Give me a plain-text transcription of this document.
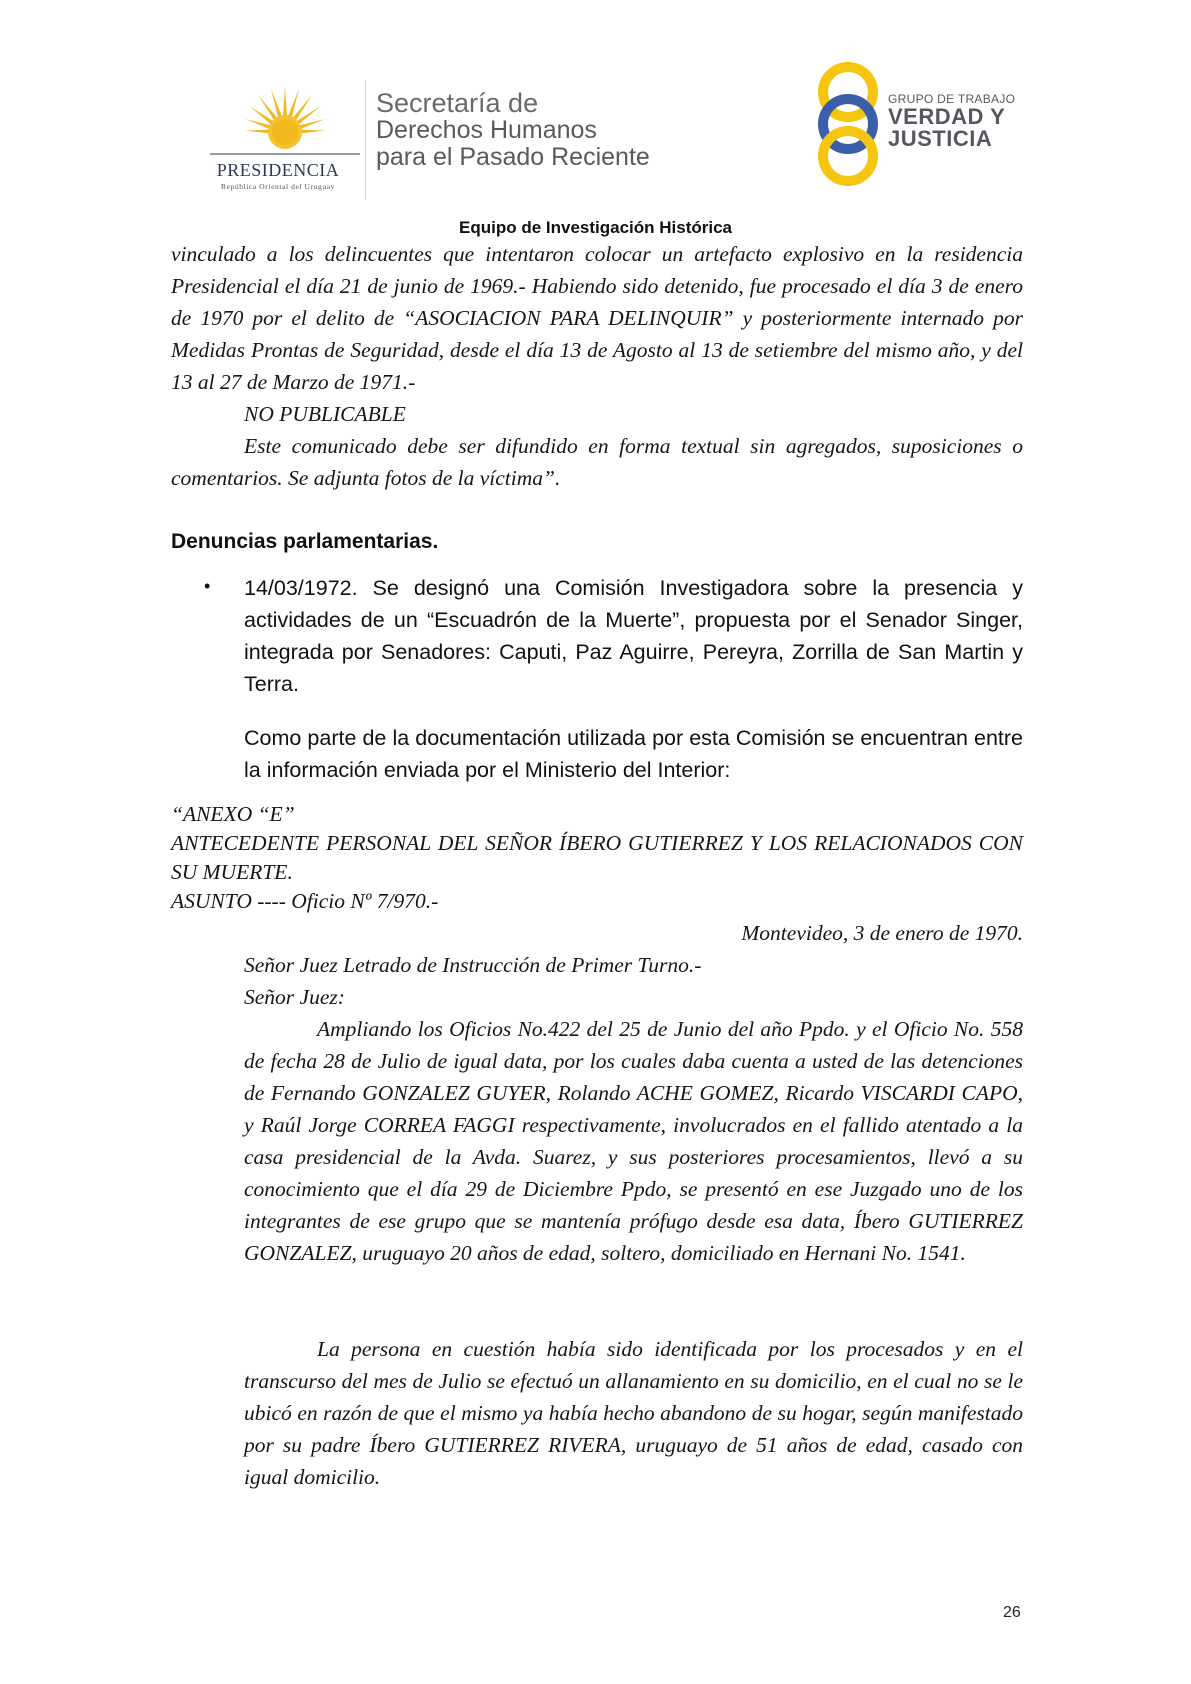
PRESIDENCIA
República Oriental del Uruguay
Secretaría de
Derechos Humanos
para el Pasado Reciente
GRUPO DE TRABAJO
VERDAD Y
JUSTICIA
Equipo de Investigación Histórica
vinculado a los delincuentes que intentaron colocar un artefacto explosivo en la residencia Presidencial el día 21 de junio de 1969.- Habiendo sido detenido, fue procesado el día 3 de enero de 1970 por el delito de “ASOCIACION PARA DELINQUIR” y posteriormente internado por Medidas Prontas de Seguridad, desde el día 13 de Agosto al 13 de setiembre del mismo año, y del 13 al 27 de Marzo de 1971.-
NO PUBLICABLE
Este comunicado debe ser difundido en forma textual sin agregados, suposiciones o comentarios. Se adjunta fotos de la víctima”.
Denuncias parlamentarias.
• 14/03/1972. Se designó una Comisión Investigadora sobre la presencia y actividades de un “Escuadrón de la Muerte”, propuesta por el Senador Singer, integrada por Senadores: Caputi, Paz Aguirre, Pereyra, Zorrilla de San Martin y Terra.
Como parte de la documentación utilizada por esta Comisión se encuentran entre la información enviada por el Ministerio del Interior:
“ANEXO “E”
ANTECEDENTE PERSONAL DEL SEÑOR ÍBERO GUTIERREZ Y LOS RELACIONADOS CON SU MUERTE.
ASUNTO ---- Oficio Nº 7/970.-
Montevideo, 3 de enero de 1970.
Señor Juez Letrado de Instrucción de Primer Turno.-
Señor Juez:
Ampliando los Oficios No.422 del 25 de Junio del año Ppdo. y el Oficio No. 558 de fecha 28 de Julio de igual data, por los cuales daba cuenta a usted de las detenciones de Fernando GONZALEZ GUYER, Rolando ACHE GOMEZ, Ricardo VISCARDI CAPO, y Raúl Jorge CORREA FAGGI respectivamente, involucrados en el fallido atentado a la casa presidencial de la Avda. Suarez, y sus posteriores procesamientos, llevó a su conocimiento que el día 29 de Diciembre Ppdo, se presentó en ese Juzgado uno de los integrantes de ese grupo que se mantenía prófugo desde esa data, Íbero GUTIERREZ GONZALEZ, uruguayo 20 años de edad, soltero, domiciliado en Hernani No. 1541.
La persona en cuestión había sido identificada por los procesados y en el transcurso del mes de Julio se efectuó un allanamiento en su domicilio, en el cual no se le ubicó en razón de que el mismo ya había hecho abandono de su hogar, según manifestado por su padre Íbero GUTIERREZ RIVERA, uruguayo de 51 años de edad, casado con igual domicilio.
26
